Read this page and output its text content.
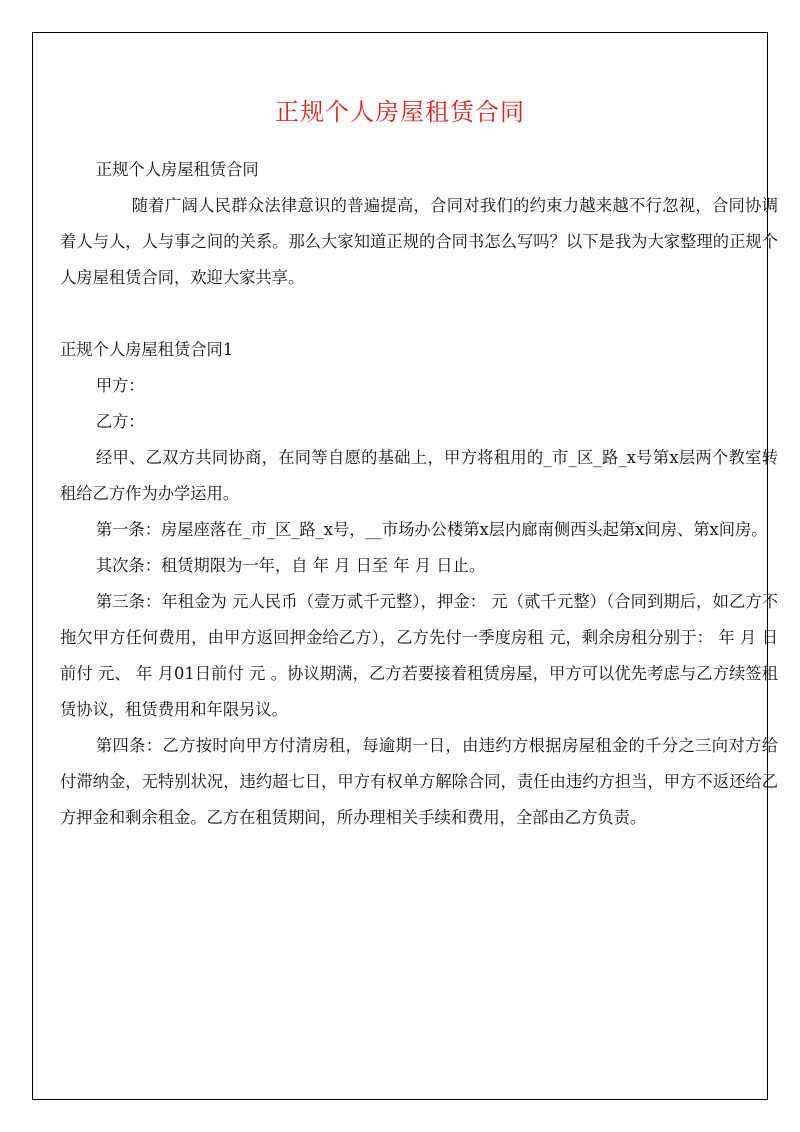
正规个人房屋租赁合同

正规个人房屋租赁合同

随着广阔人民群众法律意识的普遍提高，合同对我们的约束力越来越不行忽视，合同协调着人与人，人与事之间的关系。那么大家知道正规的合同书怎么写吗？以下是我为大家整理的正规个人房屋租赁合同，欢迎大家共享。

正规个人房屋租赁合同1

甲方：

乙方：

经甲、乙双方共同协商，在同等自愿的基础上，甲方将租用的_市_区_路_x号第x层两个教室转租给乙方作为办学运用。

第一条：房屋座落在_市_区_路_x号，__市场办公楼第x层内廊南侧西头起第x间房、第x间房。

其次条：租赁期限为一年，自 年 月 日至 年 月 日止。

第三条：年租金为 元人民币（壹万贰千元整），押金： 元（贰千元整）（合同到期后，如乙方不拖欠甲方任何费用，由甲方返回押金给乙方），乙方先付一季度房租 元，剩余房租分别于： 年 月 日前付 元、 年 月01日前付 元 。协议期满，乙方若要接着租赁房屋，甲方可以优先考虑与乙方续签租赁协议，租赁费用和年限另议。

第四条：乙方按时向甲方付清房租，每逾期一日，由违约方根据房屋租金的千分之三向对方给付滞纳金，无特别状况，违约超七日，甲方有权单方解除合同，责任由违约方担当，甲方不返还给乙方押金和剩余租金。乙方在租赁期间，所办理相关手续和费用，全部由乙方负责。
